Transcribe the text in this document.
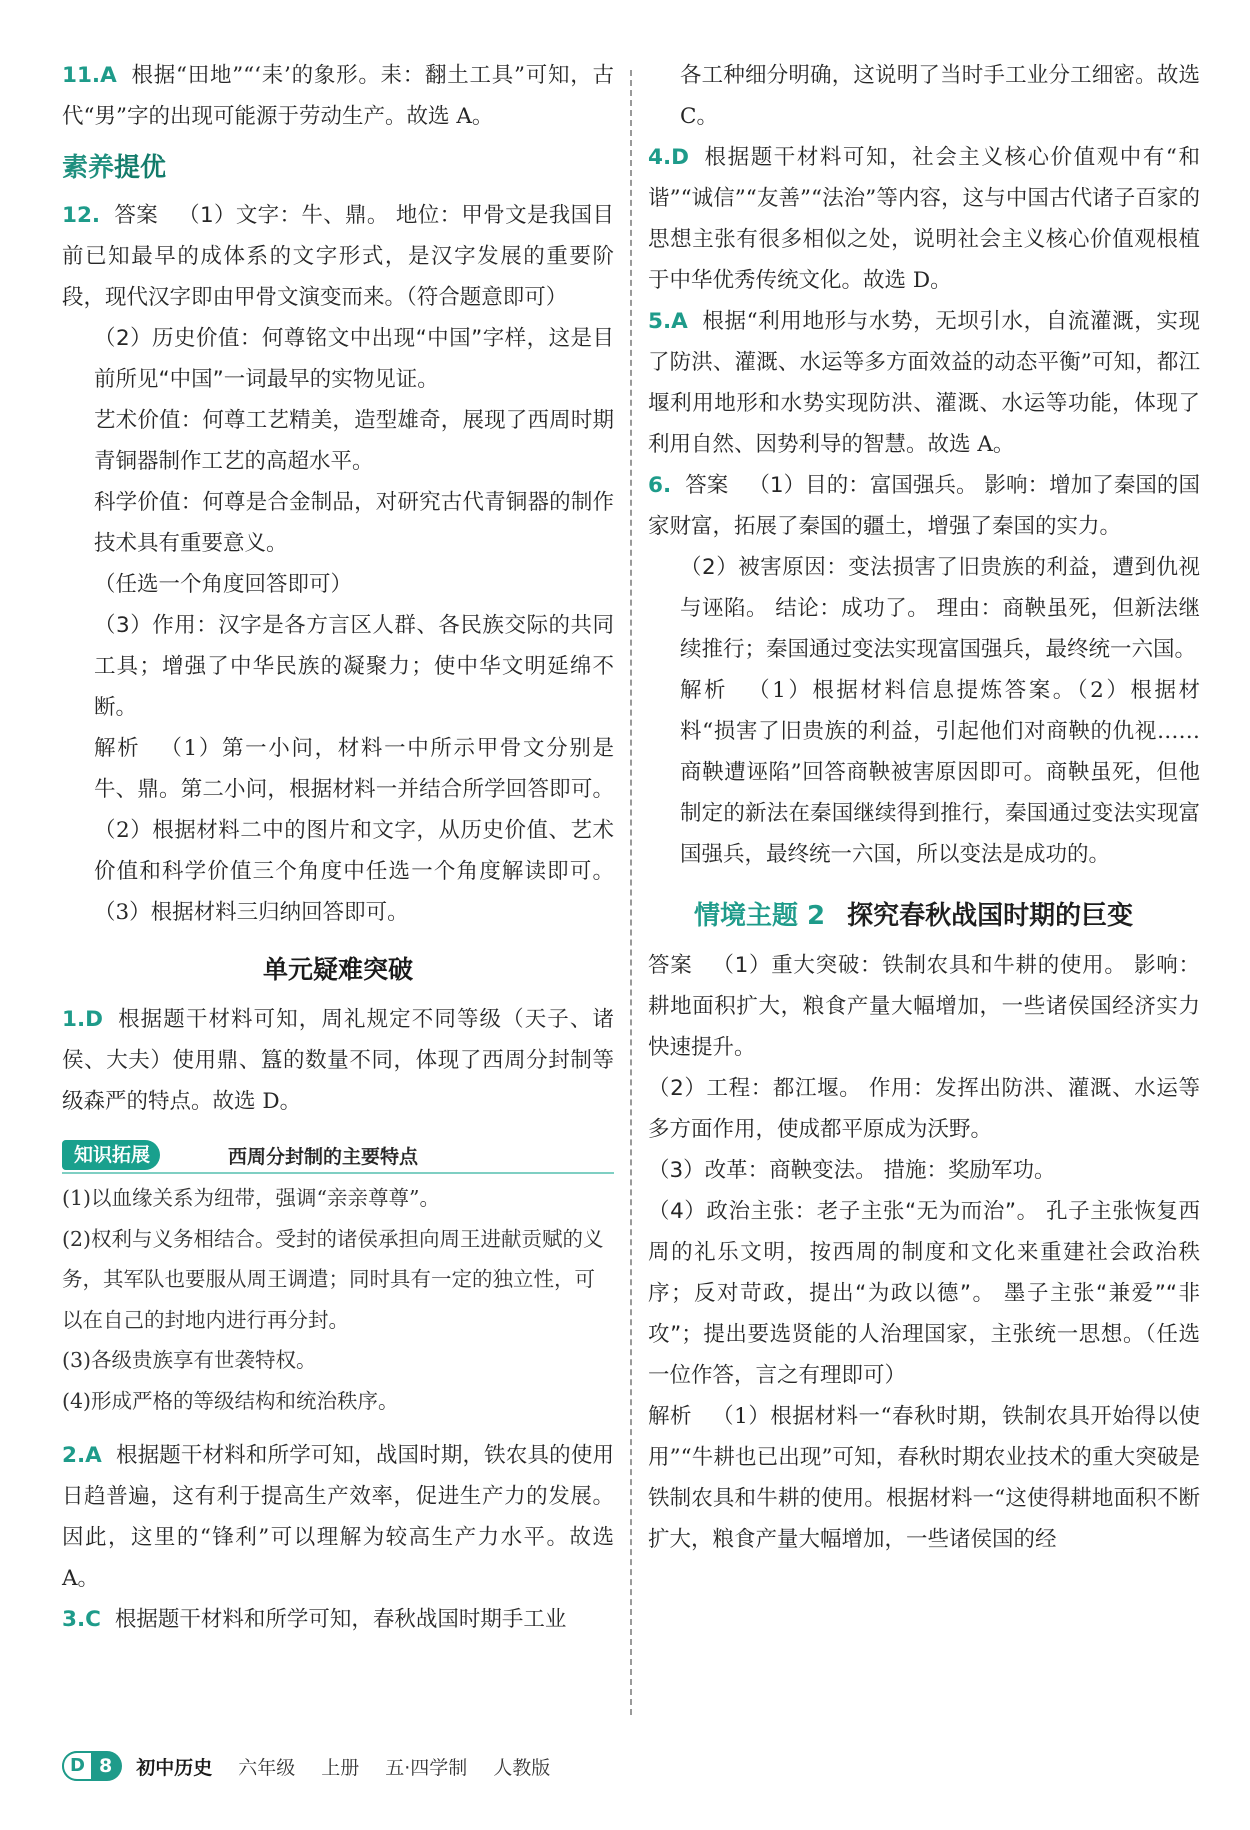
11.A 根据“田地”“‘耒’的象形。耒：翻土工具”可知，古代“男”字的出现可能源于劳动生产。故选 A。

素养提优

12. 答案 （1）文字：牛、鼎。 地位：甲骨文是我国目前已知最早的成体系的文字形式，是汉字发展的重要阶段，现代汉字即由甲骨文演变而来。（符合题意即可）

（2）历史价值：何尊铭文中出现“中国”字样，这是目前所见“中国”一词最早的实物见证。

艺术价值：何尊工艺精美，造型雄奇，展现了西周时期青铜器制作工艺的高超水平。

科学价值：何尊是合金制品，对研究古代青铜器的制作技术具有重要意义。

（任选一个角度回答即可）

（3）作用：汉字是各方言区人群、各民族交际的共同工具；增强了中华民族的凝聚力；使中华文明延绵不断。

解析 （1）第一小问，材料一中所示甲骨文分别是牛、鼎。第二小问，根据材料一并结合所学回答即可。（2）根据材料二中的图片和文字，从历史价值、艺术价值和科学价值三个角度中任选一个角度解读即可。（3）根据材料三归纳回答即可。

单元疑难突破

1.D 根据题干材料可知，周礼规定不同等级（天子、诸侯、大夫）使用鼎、簋的数量不同，体现了西周分封制等级森严的特点。故选 D。

知识拓展	西周分封制的主要特点
(1)以血缘关系为纽带，强调“亲亲尊尊”。
(2)权利与义务相结合。受封的诸侯承担向周王进献贡赋的义务，其军队也要服从周王调遣；同时具有一定的独立性，可以在自己的封地内进行再分封。
(3)各级贵族享有世袭特权。
(4)形成严格的等级结构和统治秩序。

2.A 根据题干材料和所学可知，战国时期，铁农具的使用日趋普遍，这有利于提高生产效率，促进生产力的发展。因此，这里的“锋利”可以理解为较高生产力水平。故选 A。

3.C 根据题干材料和所学可知，春秋战国时期手工业

各工种细分明确，这说明了当时手工业分工细密。故选 C。

4.D 根据题干材料可知，社会主义核心价值观中有“和谐”“诚信”“友善”“法治”等内容，这与中国古代诸子百家的思想主张有很多相似之处，说明社会主义核心价值观根植于中华优秀传统文化。故选 D。

5.A 根据“利用地形与水势，无坝引水，自流灌溉，实现了防洪、灌溉、水运等多方面效益的动态平衡”可知，都江堰利用地形和水势实现防洪、灌溉、水运等功能，体现了利用自然、因势利导的智慧。故选 A。

6. 答案 （1）目的：富国强兵。 影响：增加了秦国的国家财富，拓展了秦国的疆土，增强了秦国的实力。

（2）被害原因：变法损害了旧贵族的利益，遭到仇视与诬陷。 结论：成功了。 理由：商鞅虽死，但新法继续推行；秦国通过变法实现富国强兵，最终统一六国。

解析 （1）根据材料信息提炼答案。（2）根据材料“损害了旧贵族的利益，引起他们对商鞅的仇视……商鞅遭诬陷”回答商鞅被害原因即可。商鞅虽死，但他制定的新法在秦国继续得到推行，秦国通过变法实现富国强兵，最终统一六国，所以变法是成功的。

情境主题 2 探究春秋战国时期的巨变

答案 （1）重大突破：铁制农具和牛耕的使用。 影响：耕地面积扩大，粮食产量大幅增加，一些诸侯国经济实力快速提升。

（2）工程：都江堰。 作用：发挥出防洪、灌溉、水运等多方面作用，使成都平原成为沃野。

（3）改革：商鞅变法。 措施：奖励军功。

（4）政治主张：老子主张“无为而治”。 孔子主张恢复西周的礼乐文明，按西周的制度和文化来重建社会政治秩序；反对苛政，提出“为政以德”。 墨子主张“兼爱”“非攻”；提出要选贤能的人治理国家，主张统一思想。（任选一位作答，言之有理即可）

解析 （1）根据材料一“春秋时期，铁制农具开始得以使用”“牛耕也已出现”可知，春秋时期农业技术的重大突破是铁制农具和牛耕的使用。根据材料一“这使得耕地面积不断扩大，粮食产量大幅增加，一些诸侯国的经

D 8	初中历史 六年级 上册 五·四学制 人教版
